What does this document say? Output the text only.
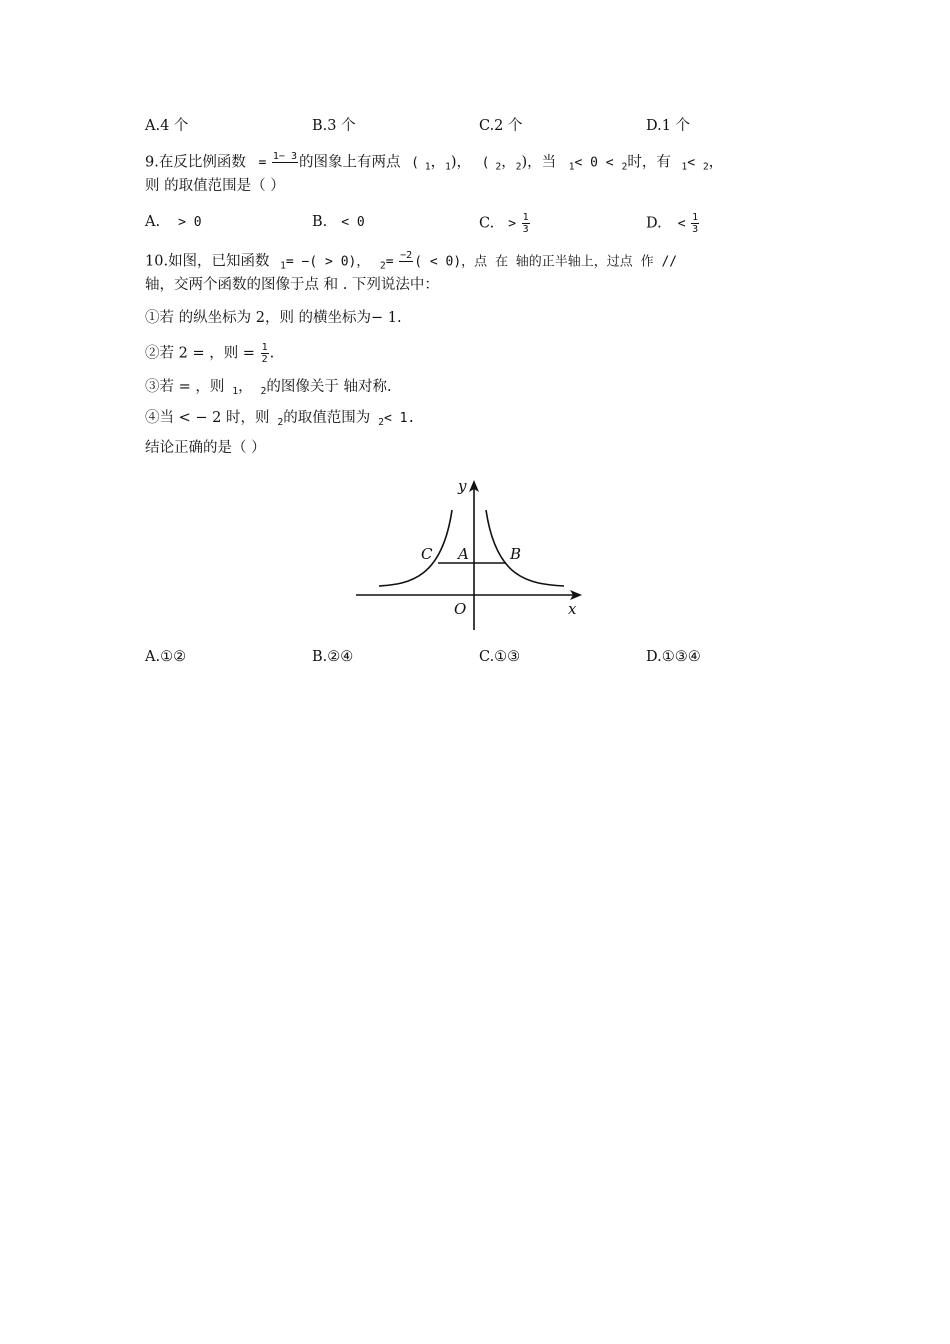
A.4 个	B.3 个	C.2 个	D.1 个
9.在反比例函数 = 1− 3
的图象上有两点 ( $_1$，$_1$)， ( $_2$，$_2$)，当 $_1$< 0 < $_2$时，有 $_1$< $_2$，
则 的取值范围是（ ）
A. > 0	B. < 0	C. > $\frac{1}{3}$	D. < $\frac{1}{3}$
10.如图，已知函数 $_1$= −( > 0)， $_2$= −2
( < 0)，点 在 轴的正半轴上，过点 作 //
轴，交两个函数的图像于点 和 . 下列说法中：
①若 的纵坐标为 2，则 的横坐标为− 1.
②若 2 = ，则 = $\frac{1}{2}$ .
③若 = ，则 $_1$， $_2$的图像关于 轴对称.
④当 < − 2 时，则 $_2$的取值范围为 $_2$< 1.
结论正确的是（ ）
y
x
O
A	B
C
A.①②	B.②④	C.①③	D.①③④
